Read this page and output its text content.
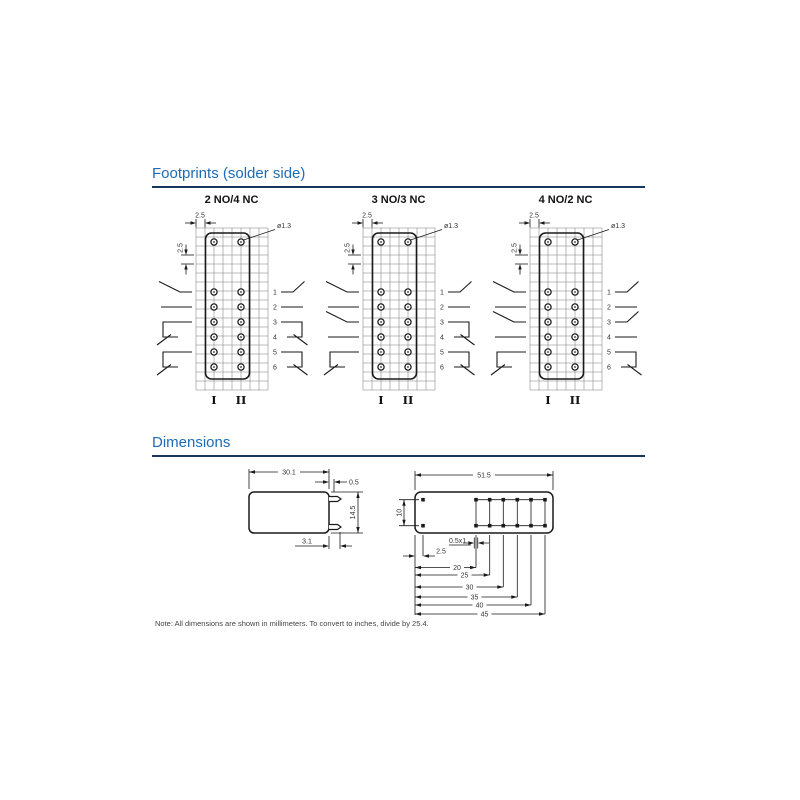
Footprints (solder side)
2 NO/4 NC
2.5
2.5
ø1.3
1
2
3
4
5
6
I II
3 NO/3 NC
2.5
2.5
ø1.3
1
2
3
4
5
6
I II
4 NO/2 NC
2.5
2.5
ø1.3
1
2
3
4
5
6
I II
Dimensions
30.1
0.5
14.5
3.1
51.5
10
0.5x1
2.5
20
25
30
35
40
45
Note: All dimensions are shown in millimeters. To convert to inches, divide by 25.4.
